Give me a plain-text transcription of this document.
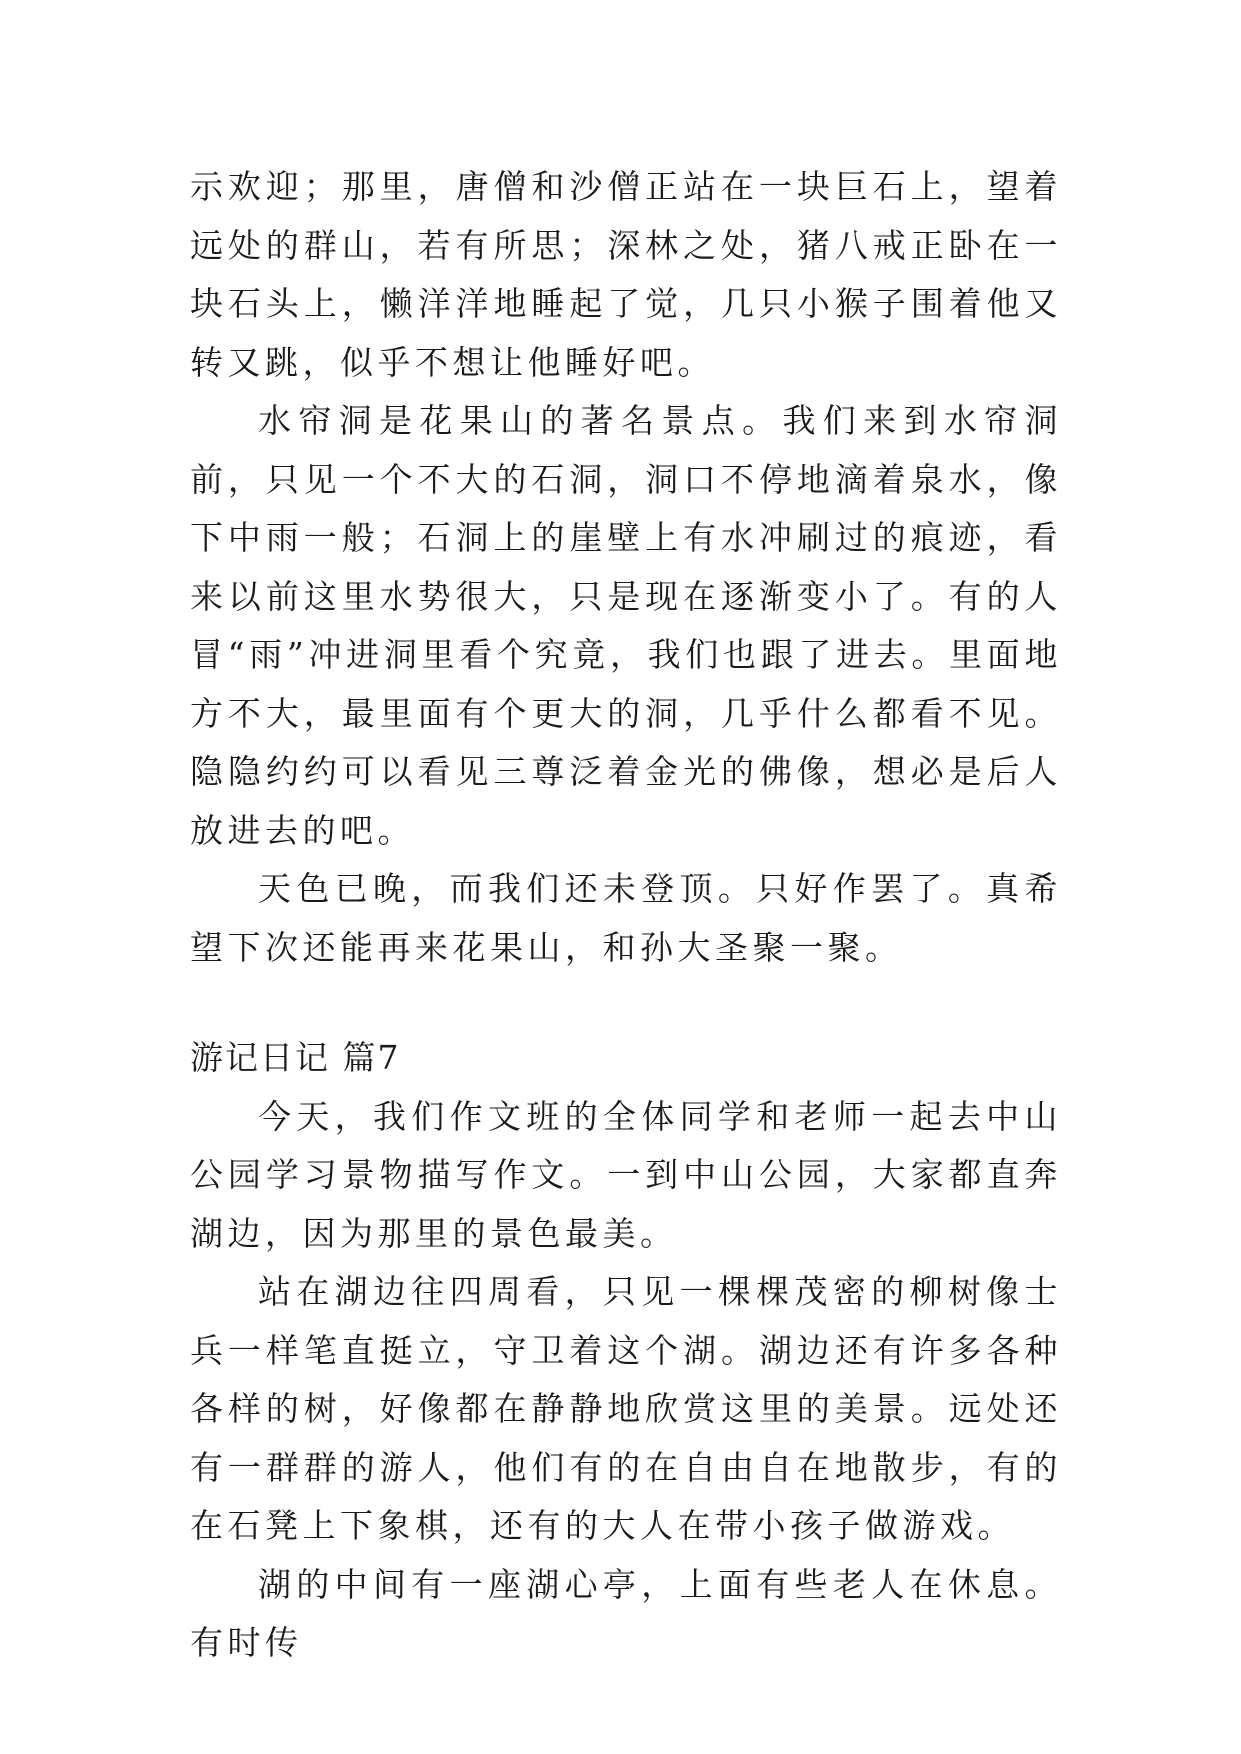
示欢迎；那里，唐僧和沙僧正站在一块巨石上，望着远处的群山，若有所思；深林之处，猪八戒正卧在一块石头上，懒洋洋地睡起了觉，几只小猴子围着他又转又跳，似乎不想让他睡好吧。

水帘洞是花果山的著名景点。我们来到水帘洞前，只见一个不大的石洞，洞口不停地滴着泉水，像下中雨一般；石洞上的崖壁上有水冲刷过的痕迹，看来以前这里水势很大，只是现在逐渐变小了。有的人冒“雨”冲进洞里看个究竟，我们也跟了进去。里面地方不大，最里面有个更大的洞，几乎什么都看不见。隐隐约约可以看见三尊泛着金光的佛像，想必是后人放进去的吧。

天色已晚，而我们还未登顶。只好作罢了。真希望下次还能再来花果山，和孙大圣聚一聚。

游记日记 篇7

今天，我们作文班的全体同学和老师一起去中山公园学习景物描写作文。一到中山公园，大家都直奔湖边，因为那里的景色最美。

站在湖边往四周看，只见一棵棵茂密的柳树像士兵一样笔直挺立，守卫着这个湖。湖边还有许多各种各样的树，好像都在静静地欣赏这里的美景。远处还有一群群的游人，他们有的在自由自在地散步，有的在石凳上下象棋，还有的大人在带小孩子做游戏。

湖的中间有一座湖心亭，上面有些老人在休息。有时传
